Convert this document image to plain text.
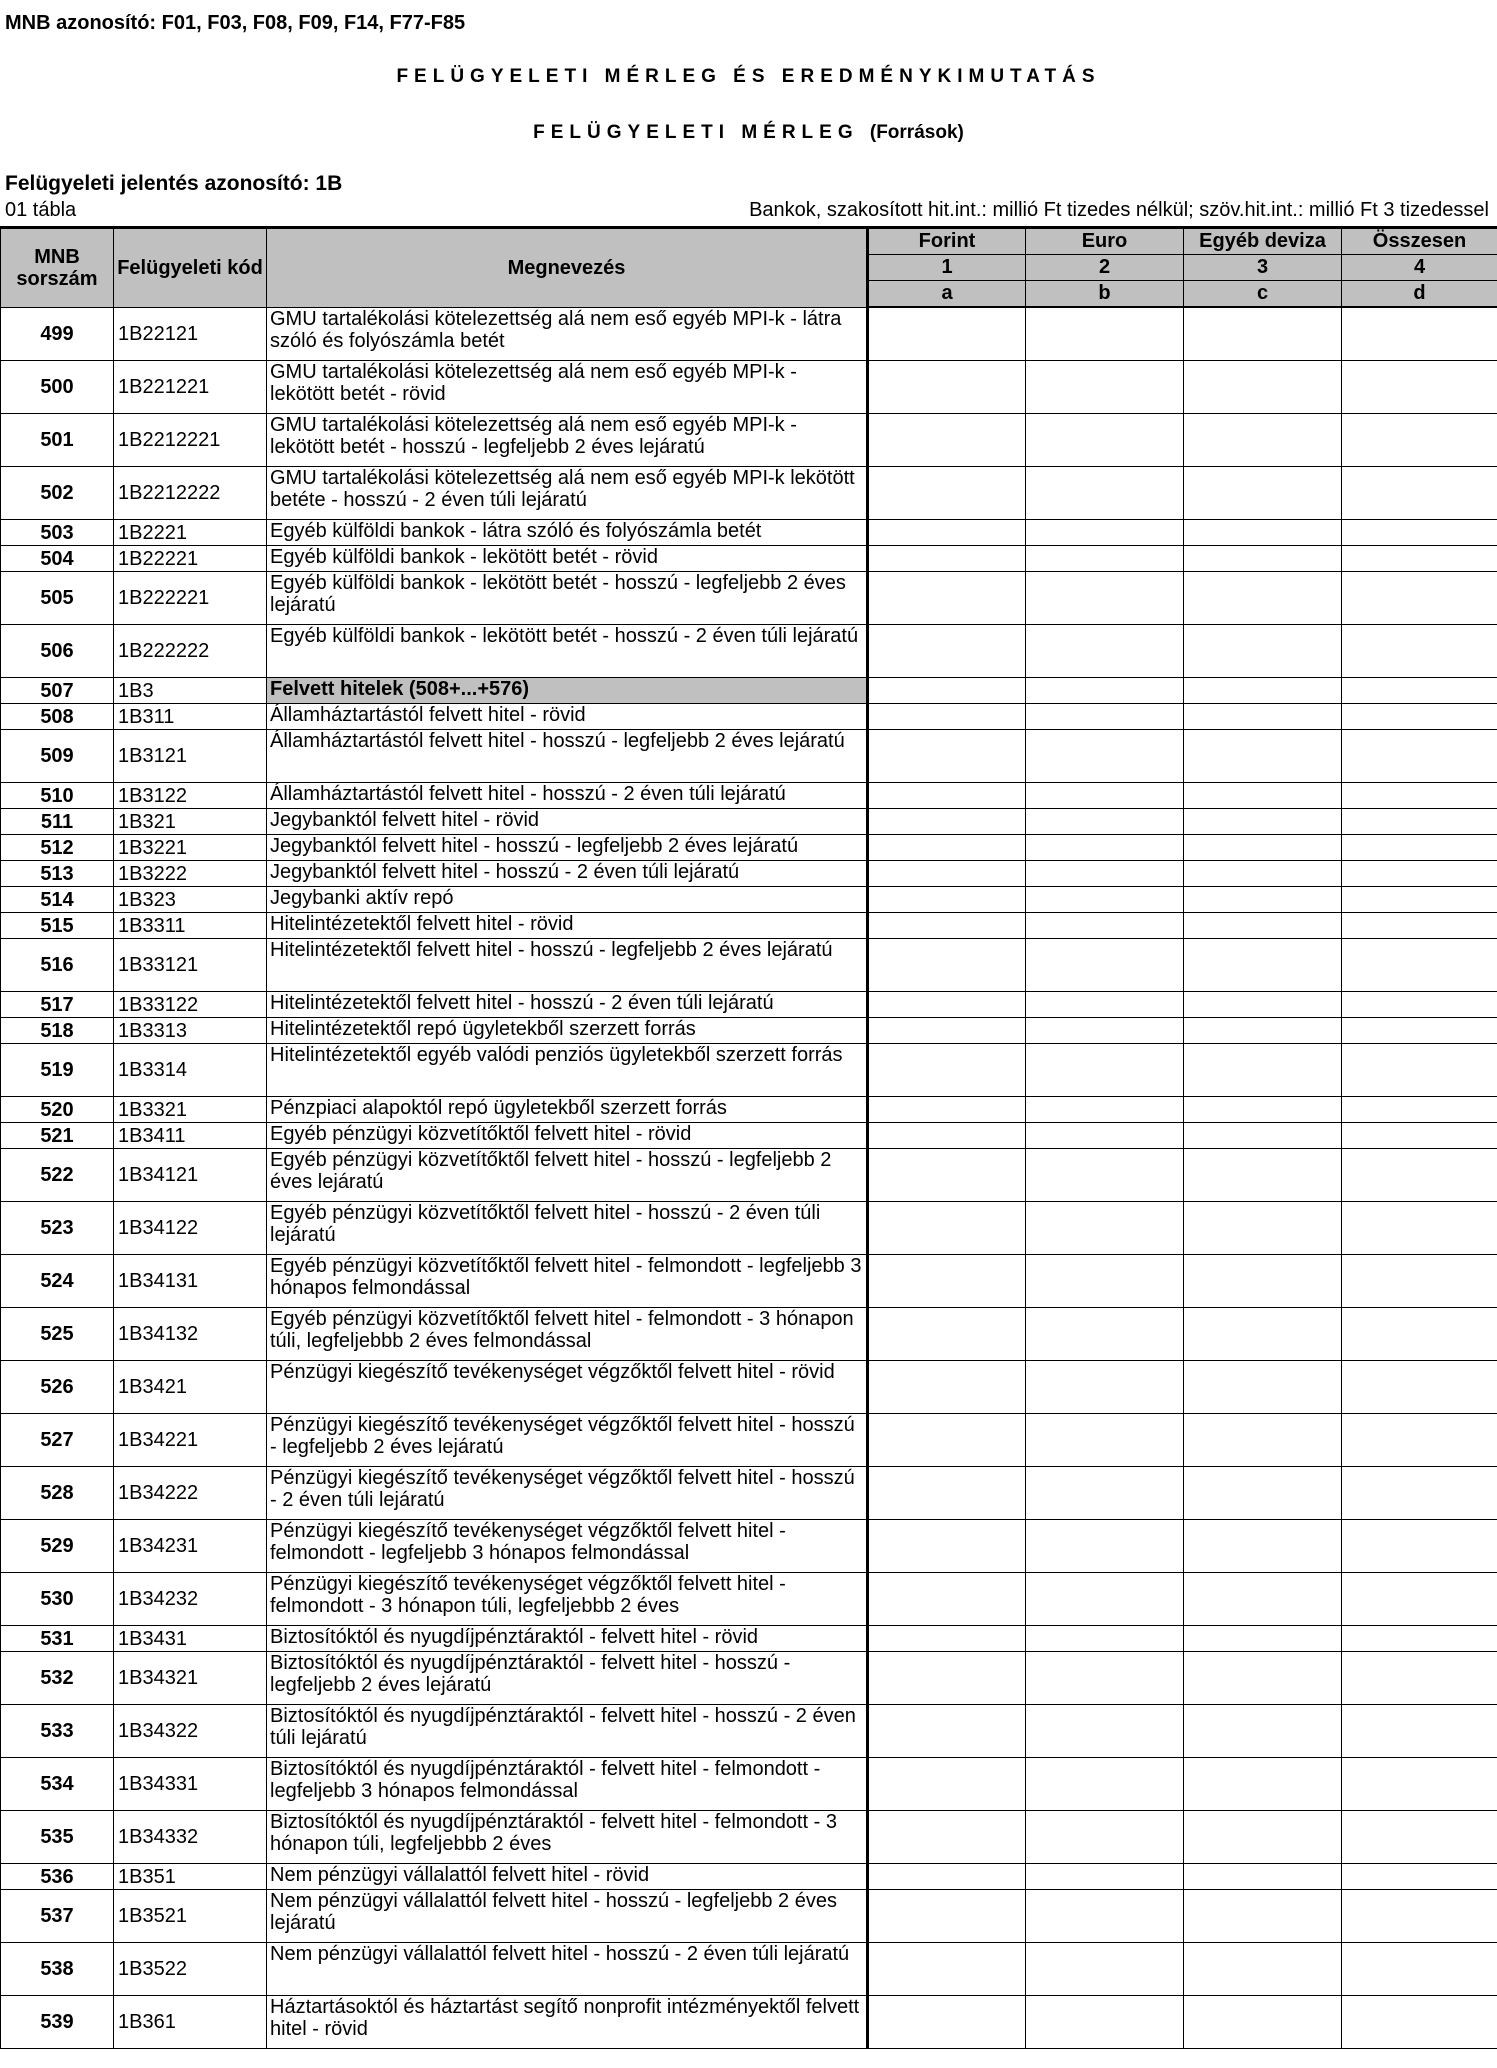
MNB azonosító: F01, F03, F08, F09, F14, F77-F85
FELÜGYELETI MÉRLEG ÉS EREDMÉNYKIMUTATÁS
FELÜGYELETI MÉRLEG (Források)
Felügyeleti jelentés azonosító: 1B
01 tábla	Bankok, szakosított hit.int.: millió Ft tizedes nélkül; szöv.hit.int.: millió Ft 3 tizedessel
MNB sorszám	Felügyeleti kód	Megnevezés	Forint	Euro	Egyéb deviza	Összesen
			1	2	3	4
			a	b	c	d
499	1B22121	GMU tartalékolási kötelezettség alá nem eső egyéb MPI-k - látra szóló és folyószámla betét				
500	1B221221	GMU tartalékolási kötelezettség alá nem eső egyéb MPI-k - lekötött betét - rövid				
501	1B2212221	GMU tartalékolási kötelezettség alá nem eső egyéb MPI-k - lekötött betét - hosszú - legfeljebb 2 éves lejáratú				
502	1B2212222	GMU tartalékolási kötelezettség alá nem eső egyéb MPI-k lekötött betéte - hosszú - 2 éven túli lejáratú				
503	1B2221	Egyéb külföldi bankok - látra szóló és folyószámla betét				
504	1B22221	Egyéb külföldi bankok - lekötött betét - rövid				
505	1B222221	Egyéb külföldi bankok - lekötött betét - hosszú - legfeljebb 2 éves lejáratú				
506	1B222222	Egyéb külföldi bankok - lekötött betét - hosszú - 2 éven túli lejáratú				
507	1B3	Felvett hitelek (508+...+576)				
508	1B311	Államháztartástól felvett hitel - rövid				
509	1B3121	Államháztartástól felvett hitel - hosszú - legfeljebb 2 éves lejáratú				
510	1B3122	Államháztartástól felvett hitel - hosszú - 2 éven túli lejáratú				
511	1B321	Jegybanktól felvett hitel - rövid				
512	1B3221	Jegybanktól felvett hitel - hosszú - legfeljebb 2 éves lejáratú				
513	1B3222	Jegybanktól felvett hitel - hosszú - 2 éven túli lejáratú				
514	1B323	Jegybanki aktív repó				
515	1B3311	Hitelintézetektől felvett hitel - rövid				
516	1B33121	Hitelintézetektől felvett hitel - hosszú - legfeljebb 2 éves lejáratú				
517	1B33122	Hitelintézetektől felvett hitel - hosszú - 2 éven túli lejáratú				
518	1B3313	Hitelintézetektől repó ügyletekből szerzett forrás				
519	1B3314	Hitelintézetektől egyéb valódi penziós ügyletekből szerzett forrás				
520	1B3321	Pénzpiaci alapoktól repó ügyletekből szerzett forrás				
521	1B3411	Egyéb pénzügyi közvetítőktől felvett hitel - rövid				
522	1B34121	Egyéb pénzügyi közvetítőktől felvett hitel - hosszú - legfeljebb 2 éves lejáratú				
523	1B34122	Egyéb pénzügyi közvetítőktől felvett hitel - hosszú - 2 éven túli lejáratú				
524	1B34131	Egyéb pénzügyi közvetítőktől felvett hitel - felmondott - legfeljebb 3 hónapos felmondással				
525	1B34132	Egyéb pénzügyi közvetítőktől felvett hitel - felmondott - 3 hónapon túli, legfeljebbb 2 éves felmondással				
526	1B3421	Pénzügyi kiegészítő tevékenységet végzőktől felvett hitel - rövid				
527	1B34221	Pénzügyi kiegészítő tevékenységet végzőktől felvett hitel - hosszú - legfeljebb 2 éves lejáratú				
528	1B34222	Pénzügyi kiegészítő tevékenységet végzőktől felvett hitel - hosszú - 2 éven túli lejáratú				
529	1B34231	Pénzügyi kiegészítő tevékenységet végzőktől felvett hitel - felmondott - legfeljebb 3 hónapos felmondással				
530	1B34232	Pénzügyi kiegészítő tevékenységet végzőktől felvett hitel - felmondott - 3 hónapon túli, legfeljebbb 2 éves				
531	1B3431	Biztosítóktól és nyugdíjpénztáraktól - felvett hitel - rövid				
532	1B34321	Biztosítóktól és nyugdíjpénztáraktól - felvett hitel - hosszú - legfeljebb 2 éves lejáratú				
533	1B34322	Biztosítóktól és nyugdíjpénztáraktól - felvett hitel - hosszú - 2 éven túli lejáratú				
534	1B34331	Biztosítóktól és nyugdíjpénztáraktól - felvett hitel - felmondott - legfeljebb 3 hónapos felmondással				
535	1B34332	Biztosítóktól és nyugdíjpénztáraktól - felvett hitel - felmondott - 3 hónapon túli, legfeljebbb 2 éves				
536	1B351	Nem pénzügyi vállalattól felvett hitel - rövid				
537	1B3521	Nem pénzügyi vállalattól felvett hitel - hosszú - legfeljebb 2 éves lejáratú				
538	1B3522	Nem pénzügyi vállalattól felvett hitel - hosszú - 2 éven túli lejáratú				
539	1B361	Háztartásoktól és háztartást segítő nonprofit intézményektől felvett hitel - rövid				
